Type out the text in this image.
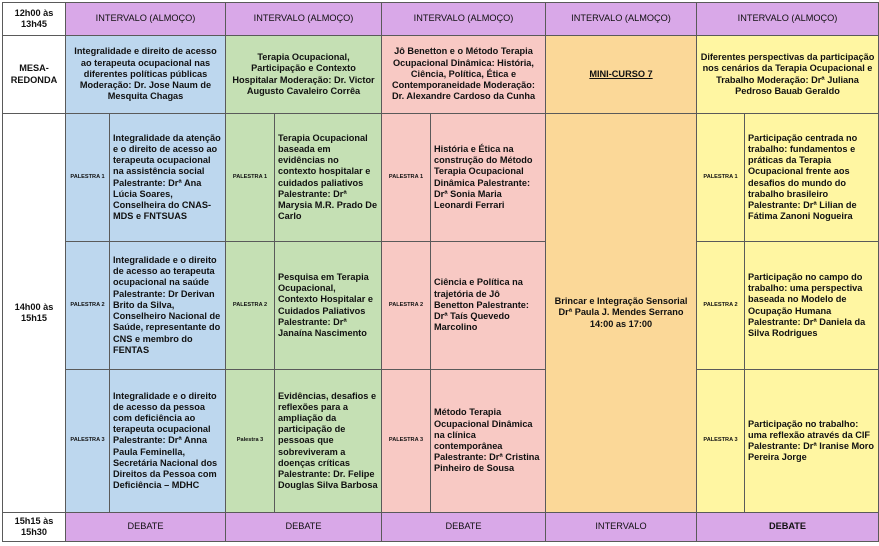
12h00 às 13h45	INTERVALO (ALMOÇO)		INTERVALO (ALMOÇO)		INTERVALO (ALMOÇO)		INTERVALO (ALMOÇO)	INTERVALO (ALMOÇO)	
MESA-REDONDA	Integralidade e direito de acesso ao terapeuta ocupacional nas diferentes políticas públicas Moderação: Dr. Jose Naum de Mesquita Chagas		Terapia Ocupacional, Participação e Contexto Hospitalar Moderação: Dr. Victor Augusto Cavaleiro Corrêa		Jô Benetton e o Método Terapia Ocupacional Dinâmica: História, Ciência, Política, Ética e Contemporaneidade Moderação: Dr. Alexandre Cardoso da Cunha		MINI-CURSO 7	Diferentes perspectivas da participação nos cenários da Terapia Ocupacional e Trabalho Moderação: Drª Juliana Pedroso Bauab Geraldo	
14h00 às 15h15	PALESTRA 1	Integralidade da atenção e o direito de acesso ao terapeuta ocupacional na assistência social Palestrante: Drª Ana Lúcia Soares, Conselheira do CNAS-MDS e FNTSUAS	PALESTRA 1	Terapia Ocupacional baseada em evidências no contexto hospitalar e cuidados paliativos Palestrante: Drª Marysia M.R. Prado De Carlo	PALESTRA 1	História e Ética na construção do Método Terapia Ocupacional Dinâmica Palestrante: Drª Sonia Maria Leonardi Ferrari	Brincar e Integração Sensorial Drª Paula J. Mendes Serrano 14:00 as 17:00	PALESTRA 1	Participação centrada no trabalho: fundamentos e práticas da Terapia Ocupacional frente aos desafios do mundo do trabalho brasileiro Palestrante: Drª Lilian de Fátima Zanoni Nogueira
	PALESTRA 2	Integralidade e o direito de acesso ao terapeuta ocupacional na saúde Palestrante: Dr Derivan Brito da Silva, Conselheiro Nacional de Saúde, representante do CNS e membro do FENTAS	PALESTRA 2	Pesquisa em Terapia Ocupacional, Contexto Hospitalar e Cuidados Paliativos Palestrante: Drª Janaína Nascimento	PALESTRA 2	Ciência e Política na trajetória de Jô Benetton Palestrante: Drª Taís Quevedo Marcolino		PALESTRA 2	Participação no campo do trabalho: uma perspectiva baseada no Modelo de Ocupação Humana Palestrante: Drª Daniela da Silva Rodrigues
	PALESTRA 3	Integralidade e o direito de acesso da pessoa com deficiência ao terapeuta ocupacional Palestrante: Drª Anna Paula Feminella, Secretária Nacional dos Direitos da Pessoa com Deficiência – MDHC	Palestra 3	Evidências, desafios e reflexões para a ampliação da participação de pessoas que sobreviveram a doenças críticas Palestrante: Dr. Felipe Douglas Silva Barbosa	PALESTRA 3	Método Terapia Ocupacional Dinâmica na clínica contemporânea Palestrante: Drª Cristina Pinheiro de Sousa		PALESTRA 3	Participação no trabalho: uma reflexão através da CIF Palestrante: Drª Iranise Moro Pereira Jorge
15h15 às 15h30	DEBATE		DEBATE		DEBATE		INTERVALO	DEBATE	
